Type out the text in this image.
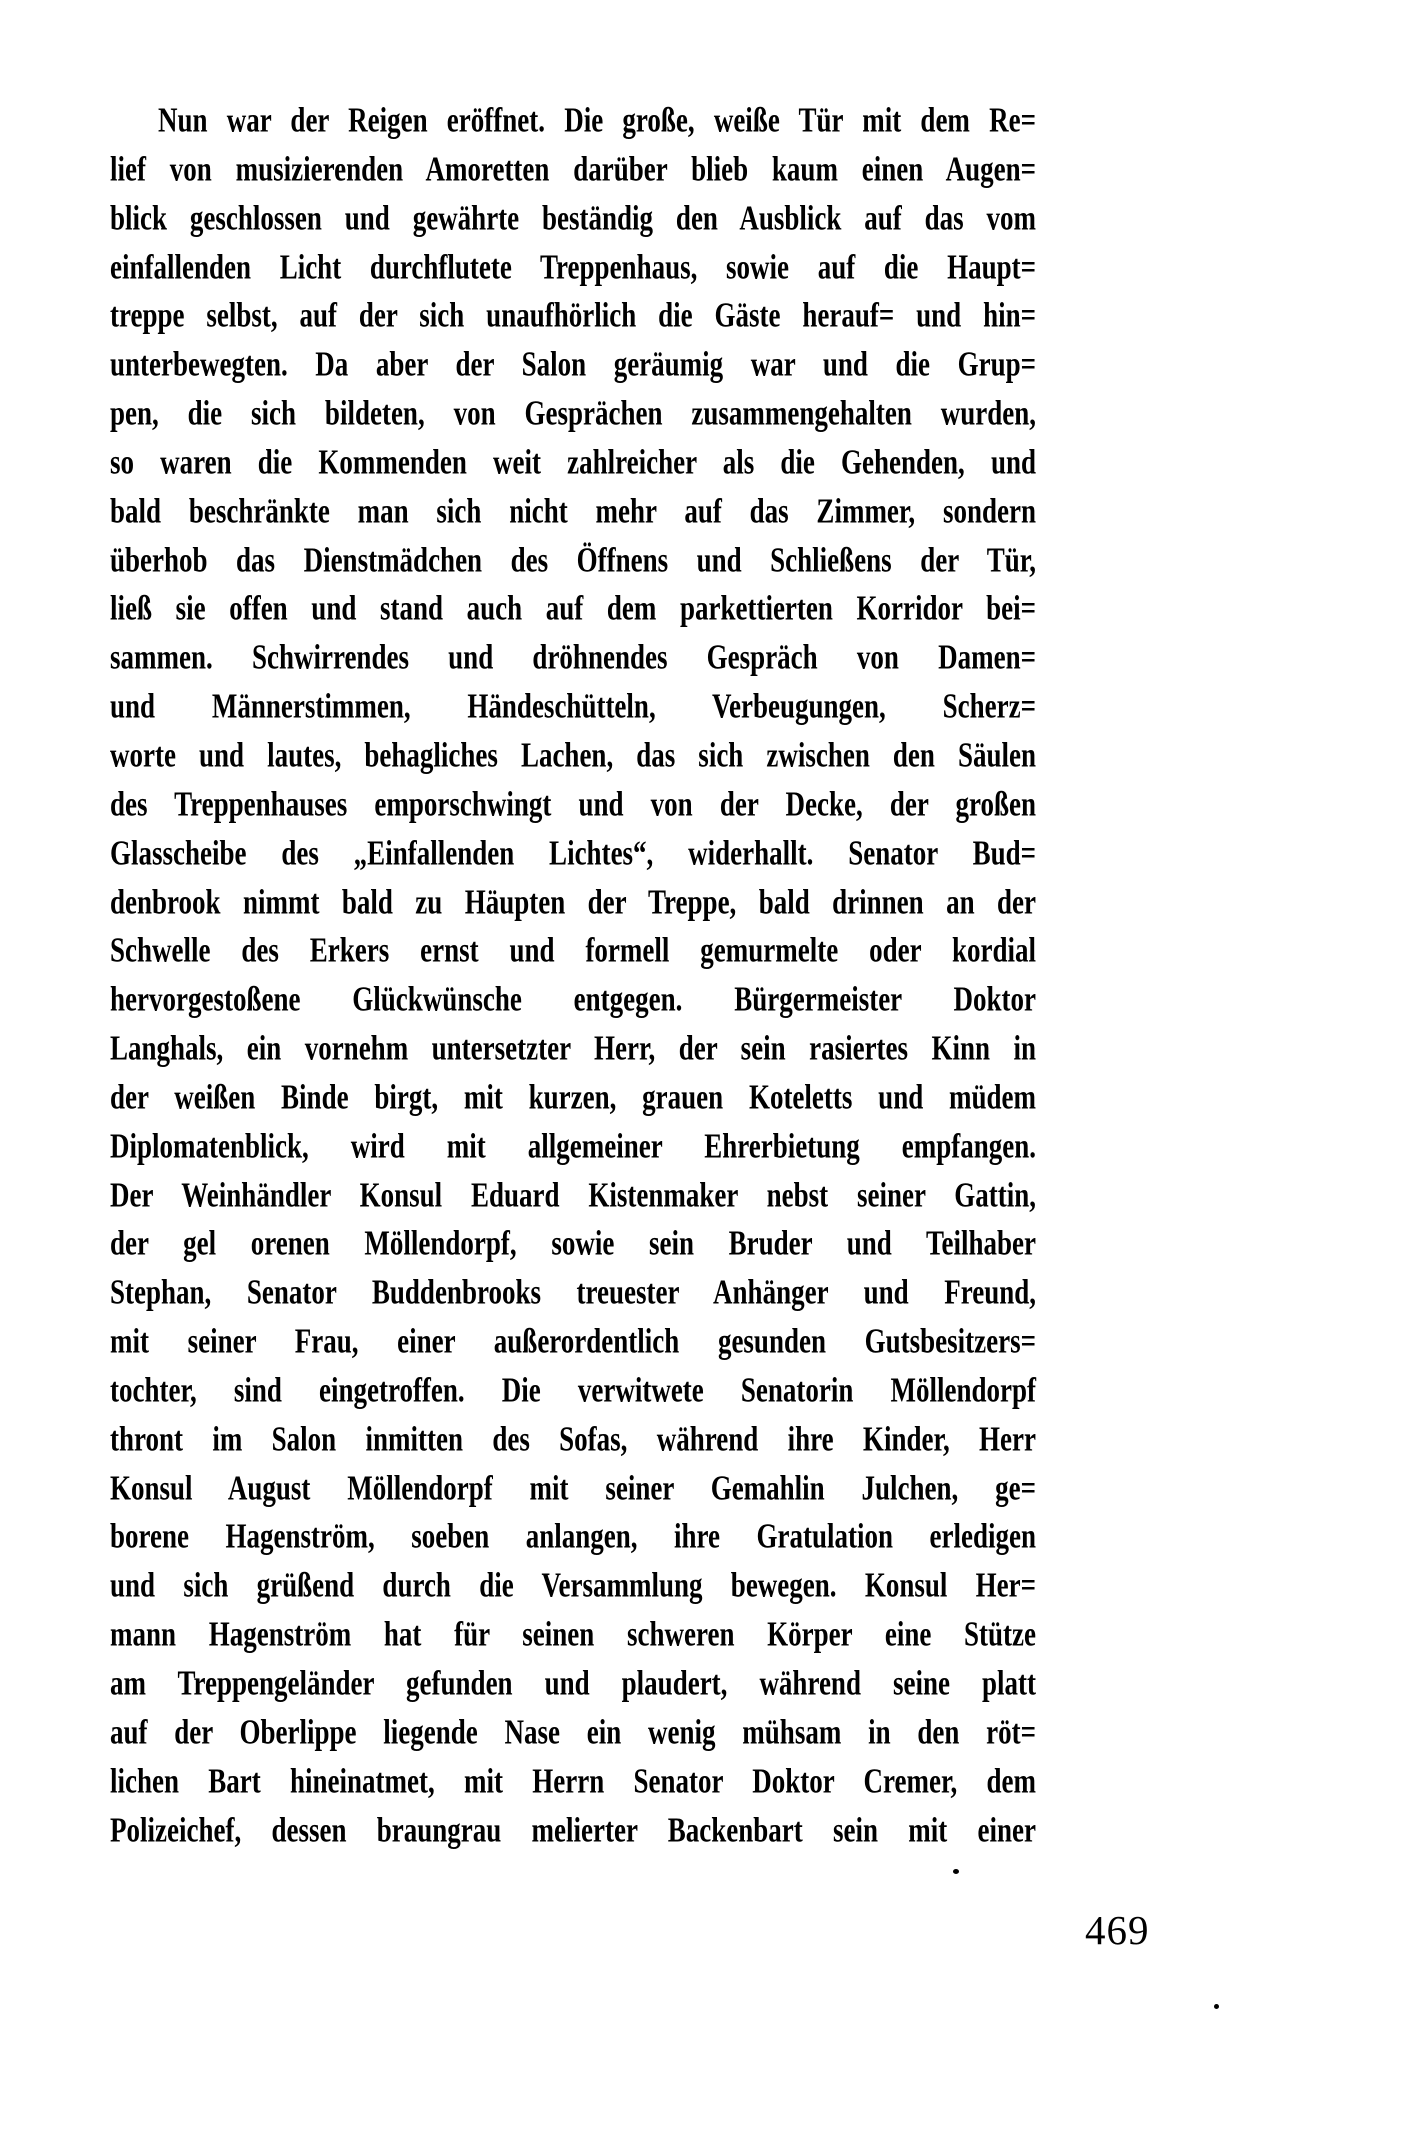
Nun war der Reigen eröffnet. Die große, weiße Tür mit dem Re=
lief von musizierenden Amoretten darüber blieb kaum einen Augen=
blick geschlossen und gewährte beständig den Ausblick auf das vom
einfallenden Licht durchflutete Treppenhaus, sowie auf die Haupt=
treppe selbst, auf der sich unaufhörlich die Gäste herauf= und hin=
unterbewegten. Da aber der Salon geräumig war und die Grup=
pen, die sich bildeten, von Gesprächen zusammengehalten wurden,
so waren die Kommenden weit zahlreicher als die Gehenden, und
bald beschränkte man sich nicht mehr auf das Zimmer, sondern
überhob das Dienstmädchen des Öffnens und Schließens der Tür,
ließ sie offen und stand auch auf dem parkettierten Korridor bei=
sammen. Schwirrendes und dröhnendes Gespräch von Damen=
und Männerstimmen, Händeschütteln, Verbeugungen, Scherz=
worte und lautes, behagliches Lachen, das sich zwischen den Säulen
des Treppenhauses emporschwingt und von der Decke, der großen
Glasscheibe des „Einfallenden Lichtes“, widerhallt. Senator Bud=
denbrook nimmt bald zu Häupten der Treppe, bald drinnen an der
Schwelle des Erkers ernst und formell gemurmelte oder kordial
hervorgestoßene Glückwünsche entgegen. Bürgermeister Doktor
Langhals, ein vornehm untersetzter Herr, der sein rasiertes Kinn in
der weißen Binde birgt, mit kurzen, grauen Koteletts und müdem
Diplomatenblick, wird mit allgemeiner Ehrerbietung empfangen.
Der Weinhändler Konsul Eduard Kistenmaker nebst seiner Gattin,
der gel orenen Möllendorpf, sowie sein Bruder und Teilhaber
Stephan, Senator Buddenbrooks treuester Anhänger und Freund,
mit seiner Frau, einer außerordentlich gesunden Gutsbesitzers=
tochter, sind eingetroffen. Die verwitwete Senatorin Möllendorpf
thront im Salon inmitten des Sofas, während ihre Kinder, Herr
Konsul August Möllendorpf mit seiner Gemahlin Julchen, ge=
borene Hagenström, soeben anlangen, ihre Gratulation erledigen
und sich grüßend durch die Versammlung bewegen. Konsul Her=
mann Hagenström hat für seinen schweren Körper eine Stütze
am Treppengeländer gefunden und plaudert, während seine platt
auf der Oberlippe liegende Nase ein wenig mühsam in den röt=
lichen Bart hineinatmet, mit Herrn Senator Doktor Cremer, dem
Polizeichef, dessen braungrau melierter Backenbart sein mit einer
469
